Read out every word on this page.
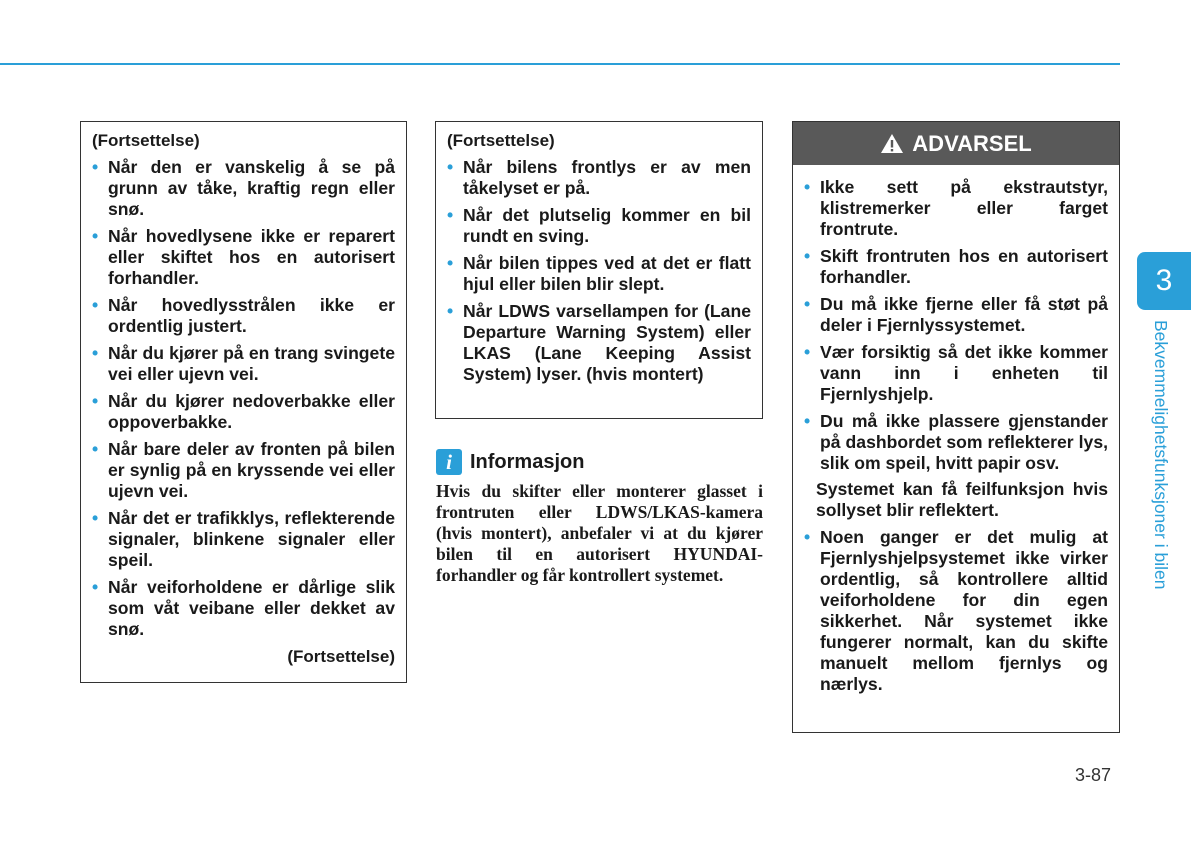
(Fortsettelse)

• Når den er vanskelig å se på grunn av tåke, kraftig regn eller snø.
• Når hovedlysene ikke er reparert eller skiftet hos en autorisert forhandler.
• Når hovedlysstrålen ikke er ordentlig justert.
• Når du kjører på en trang svingete vei eller ujevn vei.
• Når du kjører nedoverbakke eller oppoverbakke.
• Når bare deler av fronten på bilen er synlig på en kryssende vei eller ujevn vei.
• Når det er trafikklys, reflekterende signaler, blinkene signaler eller speil.
• Når veiforholdene er dårlige slik som våt veibane eller dekket av snø.

(Fortsettelse)

(Fortsettelse)

• Når bilens frontlys er av men tåkelyset er på.
• Når det plutselig kommer en bil rundt en sving.
• Når bilen tippes ved at det er flatt hjul eller bilen blir slept.
• Når LDWS varsellampen for (Lane Departure Warning System) eller LKAS (Lane Keeping Assist System) lyser. (hvis montert)
i Informasjon

Hvis du skifter eller monterer glasset i frontruten eller LDWS/LKAS-kamera (hvis montert), anbefaler vi at du kjører bilen til en autorisert HYUNDAI-forhandler og får kontrollert systemet.

ADVARSEL
• Ikke sett på ekstrautstyr, klistremerker eller farget frontrute.
• Skift frontruten hos en autorisert forhandler.
• Du må ikke fjerne eller få støt på deler i Fjernlyssystemet.
• Vær forsiktig så det ikke kommer vann inn i enheten til Fjernlyshjelp.
• Du må ikke plassere gjenstander på dashbordet som reflekterer lys, slik om speil, hvitt papir osv.

Systemet kan få feilfunksjon hvis sollyset blir reflektert.

• Noen ganger er det mulig at Fjernlyshjelpsystemet ikke virker ordentlig, så kontrollere alltid veiforholdene for din egen sikkerhet. Når systemet ikke fungerer normalt, kan du skifte manuelt mellom fjernlys og nærlys.
3
Bekvemmelighetsfunksjoner i bilen
3-87
